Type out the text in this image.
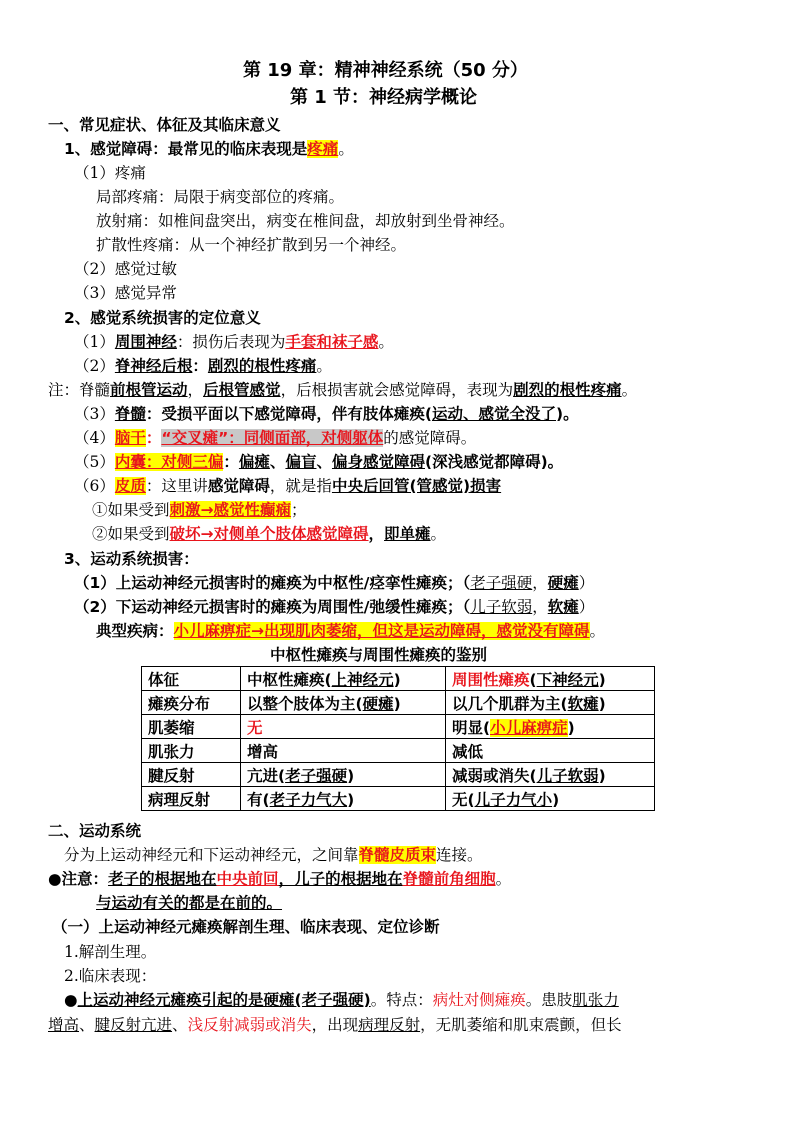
第 19 章：精神神经系统（50 分）
第 1 节：神经病学概论
一、常见症状、体征及其临床意义
1、感觉障碍：最常见的临床表现是疼痛。
（1）疼痛
局部疼痛：局限于病变部位的疼痛。
放射痛：如椎间盘突出，病变在椎间盘，却放射到坐骨神经。
扩散性疼痛：从一个神经扩散到另一个神经。
（2）感觉过敏
（3）感觉异常
2、感觉系统损害的定位意义
（1）周围神经：损伤后表现为手套和袜子感。
（2）脊神经后根：剧烈的根性疼痛。
注：脊髓前根管运动，后根管感觉，后根损害就会感觉障碍，表现为剧烈的根性疼痛。
（3）脊髓：受损平面以下感觉障碍，伴有肢体瘫痪(运动、感觉全没了)。
（4）脑干：“交叉瘫”：同侧面部，对侧躯体的感觉障碍。
（5）内囊：对侧三偏：偏瘫、偏盲、偏身感觉障碍(深浅感觉都障碍)。
（6）皮质：这里讲感觉障碍，就是指中央后回管(管感觉)损害
①如果受到刺激→感觉性癫痫；
②如果受到破坏→对侧单个肢体感觉障碍，即单瘫。
3、运动系统损害：
（1）上运动神经元损害时的瘫痪为中枢性/痉挛性瘫痪；（老子强硬，硬瘫）
（2）下运动神经元损害时的瘫痪为周围性/弛缓性瘫痪；（儿子软弱，软瘫）
典型疾病：小儿麻痹症→出现肌肉萎缩，但这是运动障碍，感觉没有障碍。
中枢性瘫痪与周围性瘫痪的鉴别
体征	中枢性瘫痪(上神经元)	周围性瘫痪(下神经元)
瘫痪分布	以整个肢体为主(硬瘫)	以几个肌群为主(软瘫)
肌萎缩	无	明显(小儿麻痹症)
肌张力	增高	减低
腱反射	亢进(老子强硬)	减弱或消失(儿子软弱)
病理反射	有(老子力气大)	无(儿子力气小)
二、运动系统
分为上运动神经元和下运动神经元，之间靠脊髓皮质束连接。
●注意：老子的根据地在中央前回，儿子的根据地在脊髓前角细胞。
与运动有关的都是在前的。
（一）上运动神经元瘫痪解剖生理、临床表现、定位诊断
1.解剖生理。
2.临床表现：
●上运动神经元瘫痪引起的是硬瘫(老子强硬)。特点：病灶对侧瘫痪。患肢肌张力
增高、腱反射亢进、浅反射减弱或消失，出现病理反射，无肌萎缩和肌束震颤，但长
